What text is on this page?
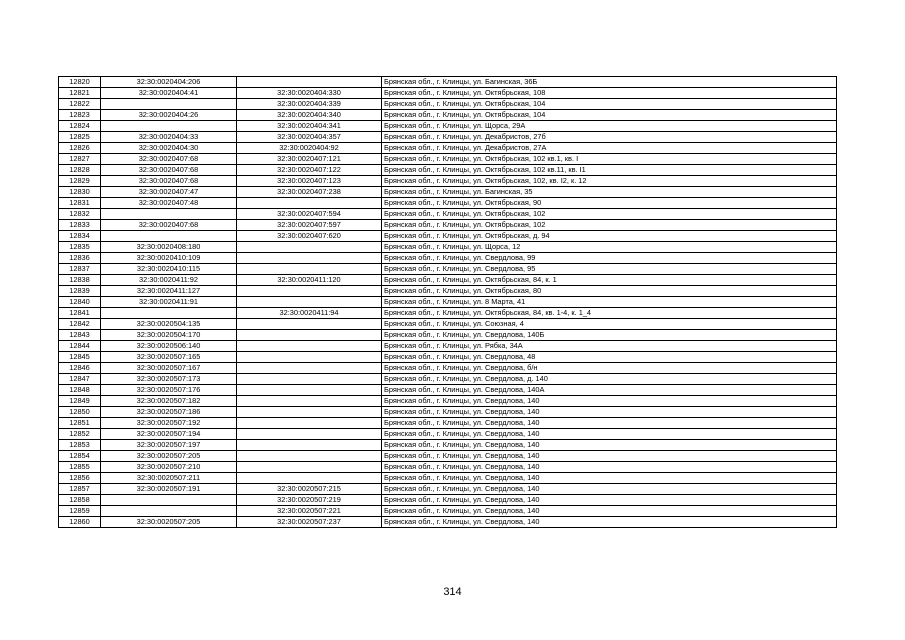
12820	32:30:0020404:206		Брянская обл., г. Клинцы, ул. Багинская, 36Б
12821	32:30:0020404:41	32:30:0020404:330	Брянская обл., г. Клинцы, ул. Октябрьская, 108
12822		32:30:0020404:339	Брянская обл., г. Клинцы, ул. Октябрьская, 104
12823	32:30:0020404:26	32:30:0020404:340	Брянская обл., г. Клинцы, ул. Октябрьская, 104
12824		32:30:0020404:341	Брянская обл., г. Клинцы, ул. Щорса, 29А
12825	32:30:0020404:33	32:30:0020404:357	Брянская обл., г. Клинцы, ул. Декабристов, 27б
12826	32:30:0020404:30	32:30:0020404:92	Брянская обл., г. Клинцы, ул. Декабристов, 27А
12827	32:30:0020407:68	32:30:0020407:121	Брянская обл., г. Клинцы, ул. Октябрьская, 102 кв.1, кв. I
12828	32:30:0020407:68	32:30:0020407:122	Брянская обл., г. Клинцы, ул. Октябрьская, 102 кв.11, кв. I1
12829	32:30:0020407:68	32:30:0020407:123	Брянская обл., г. Клинцы, ул. Октябрьская, 102, кв. I2, к. 12
12830	32:30:0020407:47	32:30:0020407:238	Брянская обл., г. Клинцы, ул. Багинская, 35
12831	32:30:0020407:48		Брянская обл., г. Клинцы, ул. Октябрьская, 90
12832		32:30:0020407:594	Брянская обл., г. Клинцы, ул. Октябрьская, 102
12833	32:30:0020407:68	32:30:0020407:597	Брянская обл., г. Клинцы, ул. Октябрьская, 102
12834		32:30:0020407:620	Брянская обл., г. Клинцы, ул. Октябрьская, д. 94
12835	32:30:0020408:180		Брянская обл., г. Клинцы, ул. Щорса, 12
12836	32:30:0020410:109		Брянская обл., г. Клинцы, ул. Свердлова, 99
12837	32:30:0020410:115		Брянская обл., г. Клинцы, ул. Свердлова, 95
12838	32:30:0020411:92	32:30:0020411:120	Брянская обл., г. Клинцы, ул. Октябрьская, 84, к. 1
12839	32:30:0020411:127		Брянская обл., г. Клинцы, ул. Октябрьская, 80
12840	32:30:0020411:91		Брянская обл., г. Клинцы, ул. 8 Марта, 41
12841		32:30:0020411:94	Брянская обл., г. Клинцы, ул. Октябрьская, 84, кв. 1-4, к. 1_4
12842	32:30:0020504:135		Брянская обл., г. Клинцы, ул. Союзная, 4
12843	32:30:0020504:170		Брянская обл., г. Клинцы, ул. Свердлова, 140Б
12844	32:30:0020506:140		Брянская обл., г. Клинцы, ул. Рябка, 34А
12845	32:30:0020507:165		Брянская обл., г. Клинцы, ул. Свердлова, 48
12846	32:30:0020507:167		Брянская обл., г. Клинцы, ул. Свердлова, б/н
12847	32:30:0020507:173		Брянская обл., г. Клинцы, ул. Свердлова, д. 140
12848	32:30:0020507:176		Брянская обл., г. Клинцы, ул. Свердлова, 140А
12849	32:30:0020507:182		Брянская обл., г. Клинцы, ул. Свердлова, 140
12850	32:30:0020507:186		Брянская обл., г. Клинцы, ул. Свердлова, 140
12851	32:30:0020507:192		Брянская обл., г. Клинцы, ул. Свердлова, 140
12852	32:30:0020507:194		Брянская обл., г. Клинцы, ул. Свердлова, 140
12853	32:30:0020507:197		Брянская обл., г. Клинцы, ул. Свердлова, 140
12854	32:30:0020507:205		Брянская обл., г. Клинцы, ул. Свердлова, 140
12855	32:30:0020507:210		Брянская обл., г. Клинцы, ул. Свердлова, 140
12856	32:30:0020507:211		Брянская обл., г. Клинцы, ул. Свердлова, 140
12857	32:30:0020507:191	32:30:0020507:215	Брянская обл., г. Клинцы, ул. Свердлова, 140
12858		32:30:0020507:219	Брянская обл., г. Клинцы, ул. Свердлова, 140
12859		32:30:0020507:221	Брянская обл., г. Клинцы, ул. Свердлова, 140
12860	32:30:0020507:205	32:30:0020507:237	Брянская обл., г. Клинцы, ул. Свердлова, 140
314
